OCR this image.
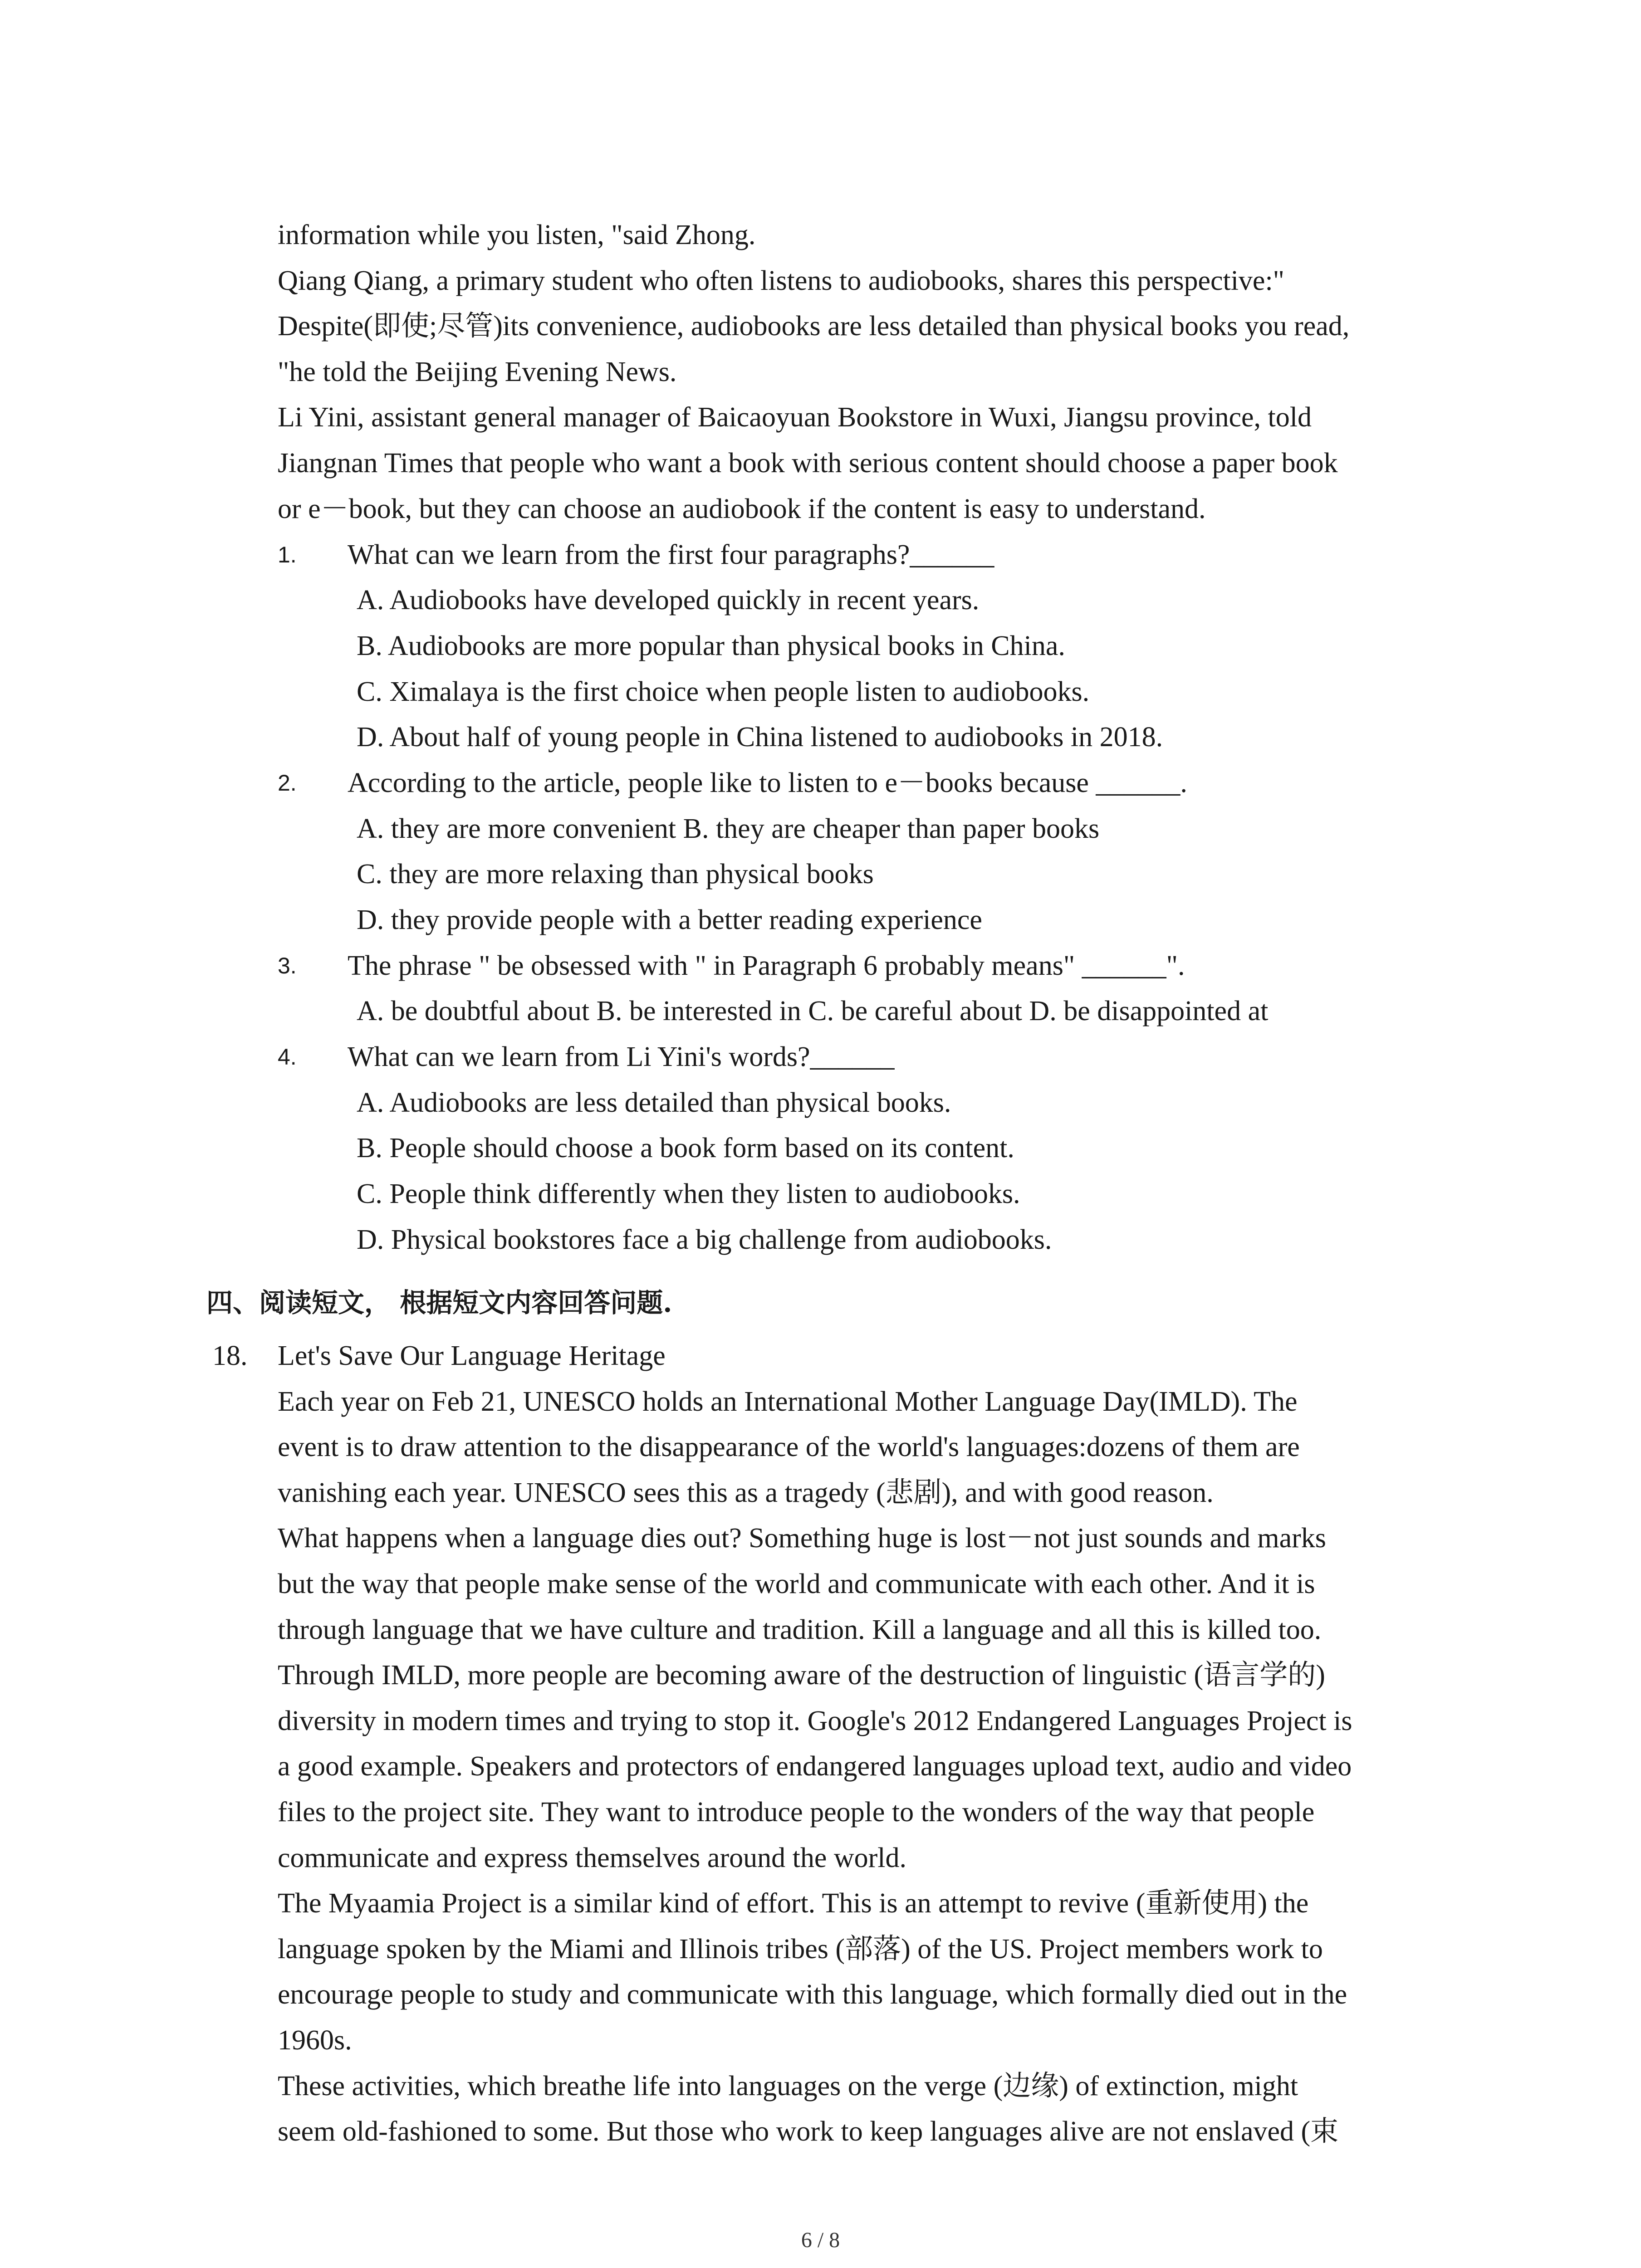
information while you listen, "said Zhong.

Qiang Qiang, a primary student who often listens to audiobooks, shares this perspective:"

Despite(即使;尽管)its convenience, audiobooks are less detailed than physical books you read,

"he told the Beijing Evening News.

Li Yini, assistant general manager of Baicaoyuan Bookstore in Wuxi, Jiangsu province, told

Jiangnan Times that people who want a book with serious content should choose a paper book

or e－book, but they can choose an audiobook if the content is easy to understand.

1. What can we learn from the first four paragraphs?______

A. Audiobooks have developed quickly in recent years.

B. Audiobooks are more popular than physical books in China.

C. Ximalaya is the first choice when people listen to audiobooks.

D. About half of young people in China listened to audiobooks in 2018.

2. According to the article, people like to listen to e－books because ______.

A. they are more convenient B. they are cheaper than paper books

C. they are more relaxing than physical books

D. they provide people with a better reading experience

3. The phrase " be obsessed with " in Paragraph 6 probably means" ______".

A. be doubtful about B. be interested in C. be careful about D. be disappointed at

4. What can we learn from Li Yini's words?______

A. Audiobooks are less detailed than physical books.

B. People should choose a book form based on its content.

C. People think differently when they listen to audiobooks.

D. Physical bookstores face a big challenge from audiobooks.

四、阅读短文， 根据短文内容回答问题.

18. Let's Save Our Language Heritage

Each year on Feb 21, UNESCO holds an International Mother Language Day(IMLD). The

event is to draw attention to the disappearance of the world's languages:dozens of them are

vanishing each year. UNESCO sees this as a tragedy (悲剧), and with good reason.

What happens when a language dies out? Something huge is lost－not just sounds and marks

but the way that people make sense of the world and communicate with each other. And it is

through language that we have culture and tradition. Kill a language and all this is killed too.

Through IMLD, more people are becoming aware of the destruction of linguistic (语言学的)

diversity in modern times and trying to stop it. Google's 2012 Endangered Languages Project is

a good example. Speakers and protectors of endangered languages upload text, audio and video

files to the project site. They want to introduce people to the wonders of the way that people

communicate and express themselves around the world.

The Myaamia Project is a similar kind of effort. This is an attempt to revive (重新使用) the

language spoken by the Miami and Illinois tribes (部落) of the US. Project members work to

encourage people to study and communicate with this language, which formally died out in the

1960s.

These activities, which breathe life into languages on the verge (边缘) of extinction, might

seem old-fashioned to some. But those who work to keep languages alive are not enslaved (束

6 / 8
